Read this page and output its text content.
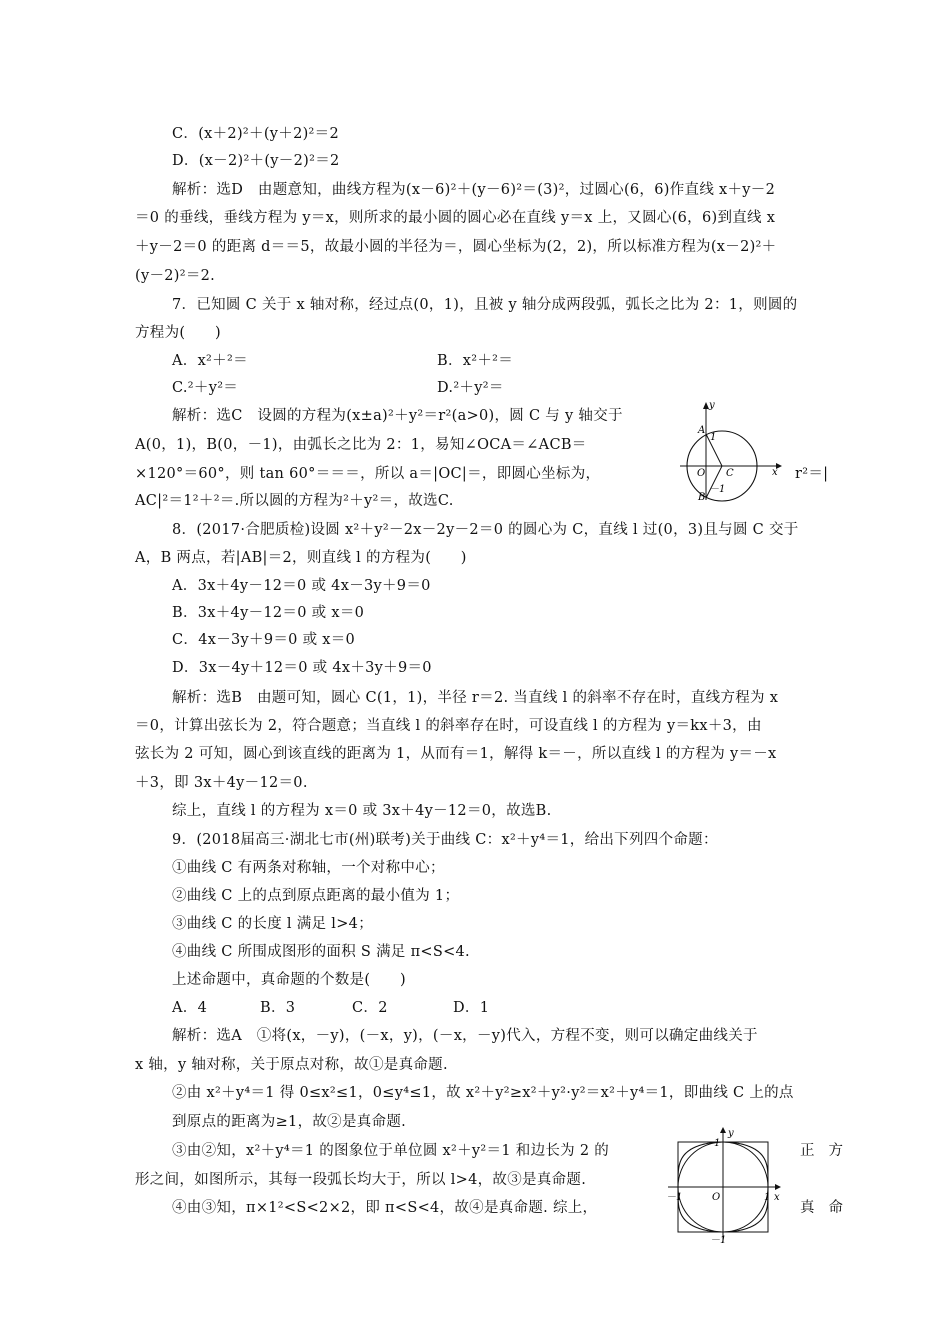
C．(x＋2)²＋(y＋2)²＝2
D．(x－2)²＋(y－2)²＝2
解析：选D　由题意知，曲线方程为(x－6)²＋(y－6)²＝(3)²，过圆心(6，6)作直线 x＋y－2
＝0 的垂线，垂线方程为 y＝x，则所求的最小圆的圆心必在直线 y＝x 上，又圆心(6，6)到直线 x
＋y－2＝0 的距离 d＝＝5，故最小圆的半径为＝，圆心坐标为(2，2)，所以标准方程为(x－2)²＋
(y－2)²＝2.
7．已知圆 C 关于 x 轴对称，经过点(0，1)，且被 y 轴分成两段弧，弧长之比为 2：1，则圆的
方程为(　　)
A．x²＋²＝	B．x²＋²＝
C.²＋y²＝	D.²＋y²＝
解析：选C　设圆的方程为(x±a)²＋y²＝r²(a>0)，圆 C 与 y 轴交于
A(0，1)，B(0，－1)，由弧长之比为 2：1，易知∠OCA＝∠ACB＝
×120°＝60°，则 tan 60°＝＝＝，所以 a＝|OC|＝，即圆心坐标为，	r²＝|
AC|²＝1²＋²＝.所以圆的方程为²＋y²＝，故选C.
8．(2017·合肥质检)设圆 x²＋y²－2x－2y－2＝0 的圆心为 C，直线 l 过(0，3)且与圆 C 交于
A，B 两点，若|AB|＝2，则直线 l 的方程为(　　)
A．3x＋4y－12＝0 或 4x－3y＋9＝0
B．3x＋4y－12＝0 或 x＝0
C．4x－3y＋9＝0 或 x＝0
D．3x－4y＋12＝0 或 4x＋3y＋9＝0
解析：选B　由题可知，圆心 C(1，1)，半径 r＝2. 当直线 l 的斜率不存在时，直线方程为 x
＝0，计算出弦长为 2，符合题意；当直线 l 的斜率存在时，可设直线 l 的方程为 y＝kx＋3，由
弦长为 2 可知，圆心到该直线的距离为 1，从而有＝1，解得 k＝－，所以直线 l 的方程为 y＝－x
＋3，即 3x＋4y－12＝0.
综上，直线 l 的方程为 x＝0 或 3x＋4y－12＝0，故选B.
9．(2018届高三·湖北七市(州)联考)关于曲线 C：x²＋y⁴＝1，给出下列四个命题：
①曲线 C 有两条对称轴，一个对称中心；
②曲线 C 上的点到原点距离的最小值为 1；
③曲线 C 的长度 l 满足 l>4；
④曲线 C 所围成图形的面积 S 满足 π<S<4.
上述命题中，真命题的个数是(　　)
A．4	B．3	C．2	D．1
解析：选A　①将(x，－y)，(－x，y)，(－x，－y)代入，方程不变，则可以确定曲线关于
x 轴，y 轴对称，关于原点对称，故①是真命题.
②由 x²＋y⁴＝1 得 0≤x²≤1，0≤y⁴≤1，故 x²＋y²≥x²＋y²·y²＝x²＋y⁴＝1，即曲线 C 上的点
到原点的距离为≥1，故②是真命题.
③由②知，x²＋y⁴＝1 的图象位于单位圆 x²＋y²＝1 和边长为 2 的	正方
形之间，如图所示，其每一段弧长均大于，所以 l>4，故③是真命题.
④由③知，π×1²<S<2×2，即 π<S<4，故④是真命题. 综上，	真命
y
A
1
O C	x
B
－1
y
1
－1	O	1 x
－1
